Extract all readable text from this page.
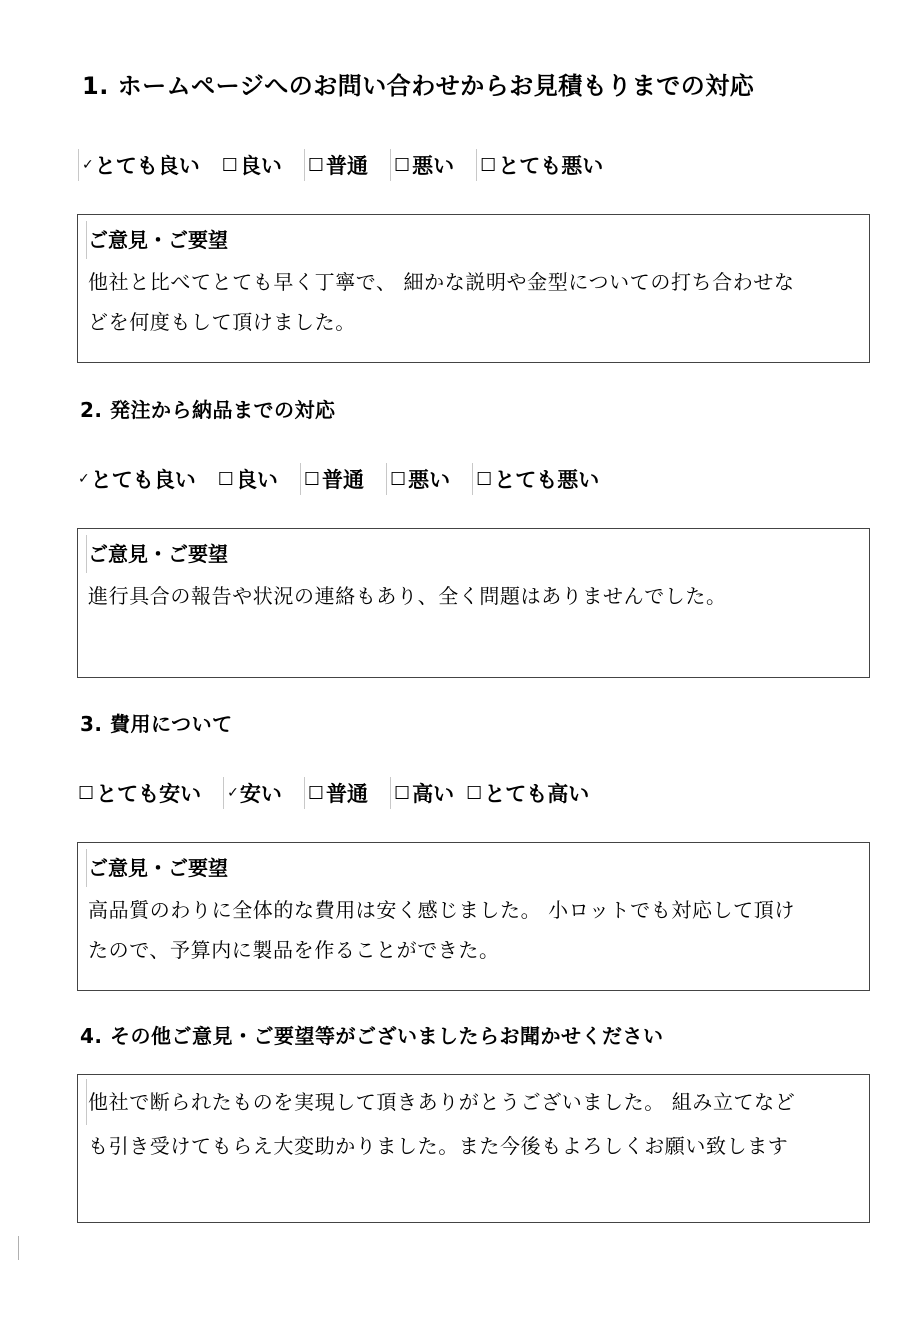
1. ホームページへのお問い合わせからお見積もりまでの対応
✓ とても良い ☐ 良い ☐ 普通 ☐ 悪い ☐ とても悪い
ご意見・ご要望
他社と比べてとても早く丁寧で、 細かな説明や金型についての打ち合わせな
どを何度もして頂けました。
2. 発注から納品までの対応
✓ とても良い ☐ 良い ☐ 普通 ☐ 悪い ☐ とても悪い
ご意見・ご要望
進行具合の報告や状況の連絡もあり、全く問題はありませんでした。
3. 費用について
☐ とても安い ✓ 安い ☐ 普通 ☐ 高い ☐ とても高い
ご意見・ご要望
高品質のわりに全体的な費用は安く感じました。 小ロットでも対応して頂け
たので、予算内に製品を作ることができた。
4. その他ご意見・ご要望等がございましたらお聞かせください
他社で断られたものを実現して頂きありがとうございました。 組み立てなど
も引き受けてもらえ大変助かりました。また今後もよろしくお願い致します
